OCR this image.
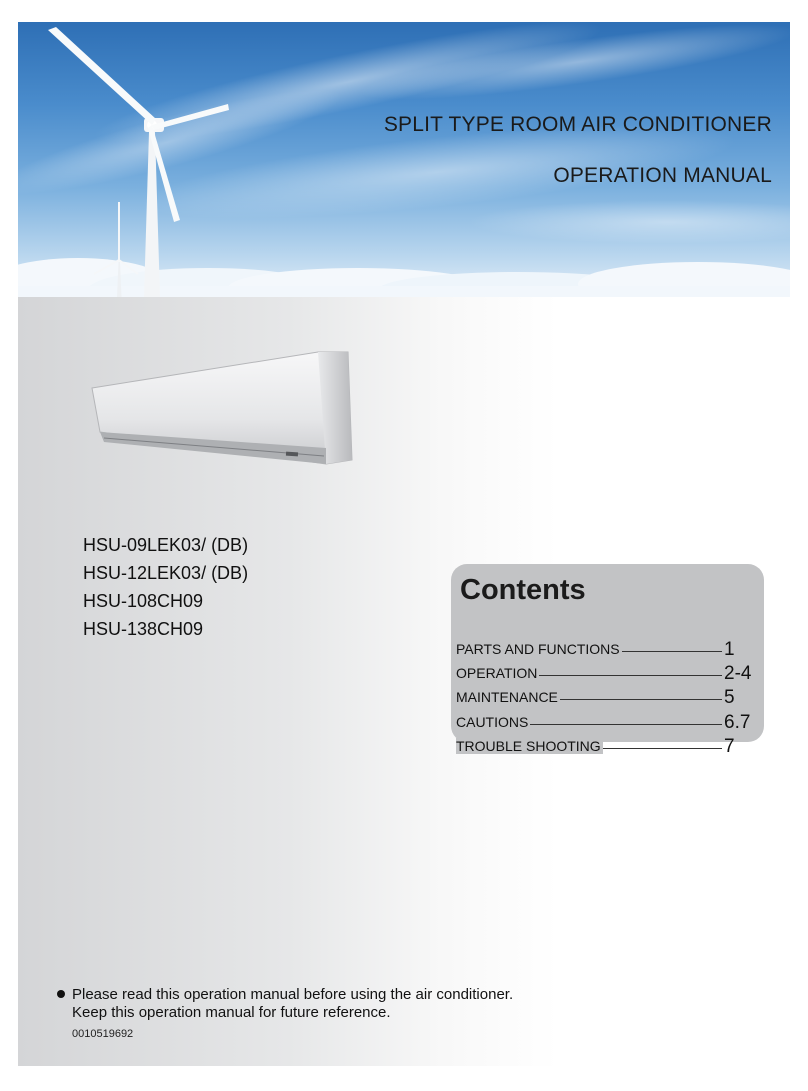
SPLIT TYPE ROOM AIR CONDITIONER
OPERATION MANUAL
HSU-09LEK03/ (DB)
HSU-12LEK03/ (DB)
HSU-108CH09
HSU-138CH09
Contents
PARTS AND FUNCTIONS	1
OPERATION	2-4
MAINTENANCE	5
CAUTIONS	6.7
TROUBLE SHOOTING	7
Please read this operation manual before using the air conditioner.
Keep this operation manual for future reference.
0010519692
